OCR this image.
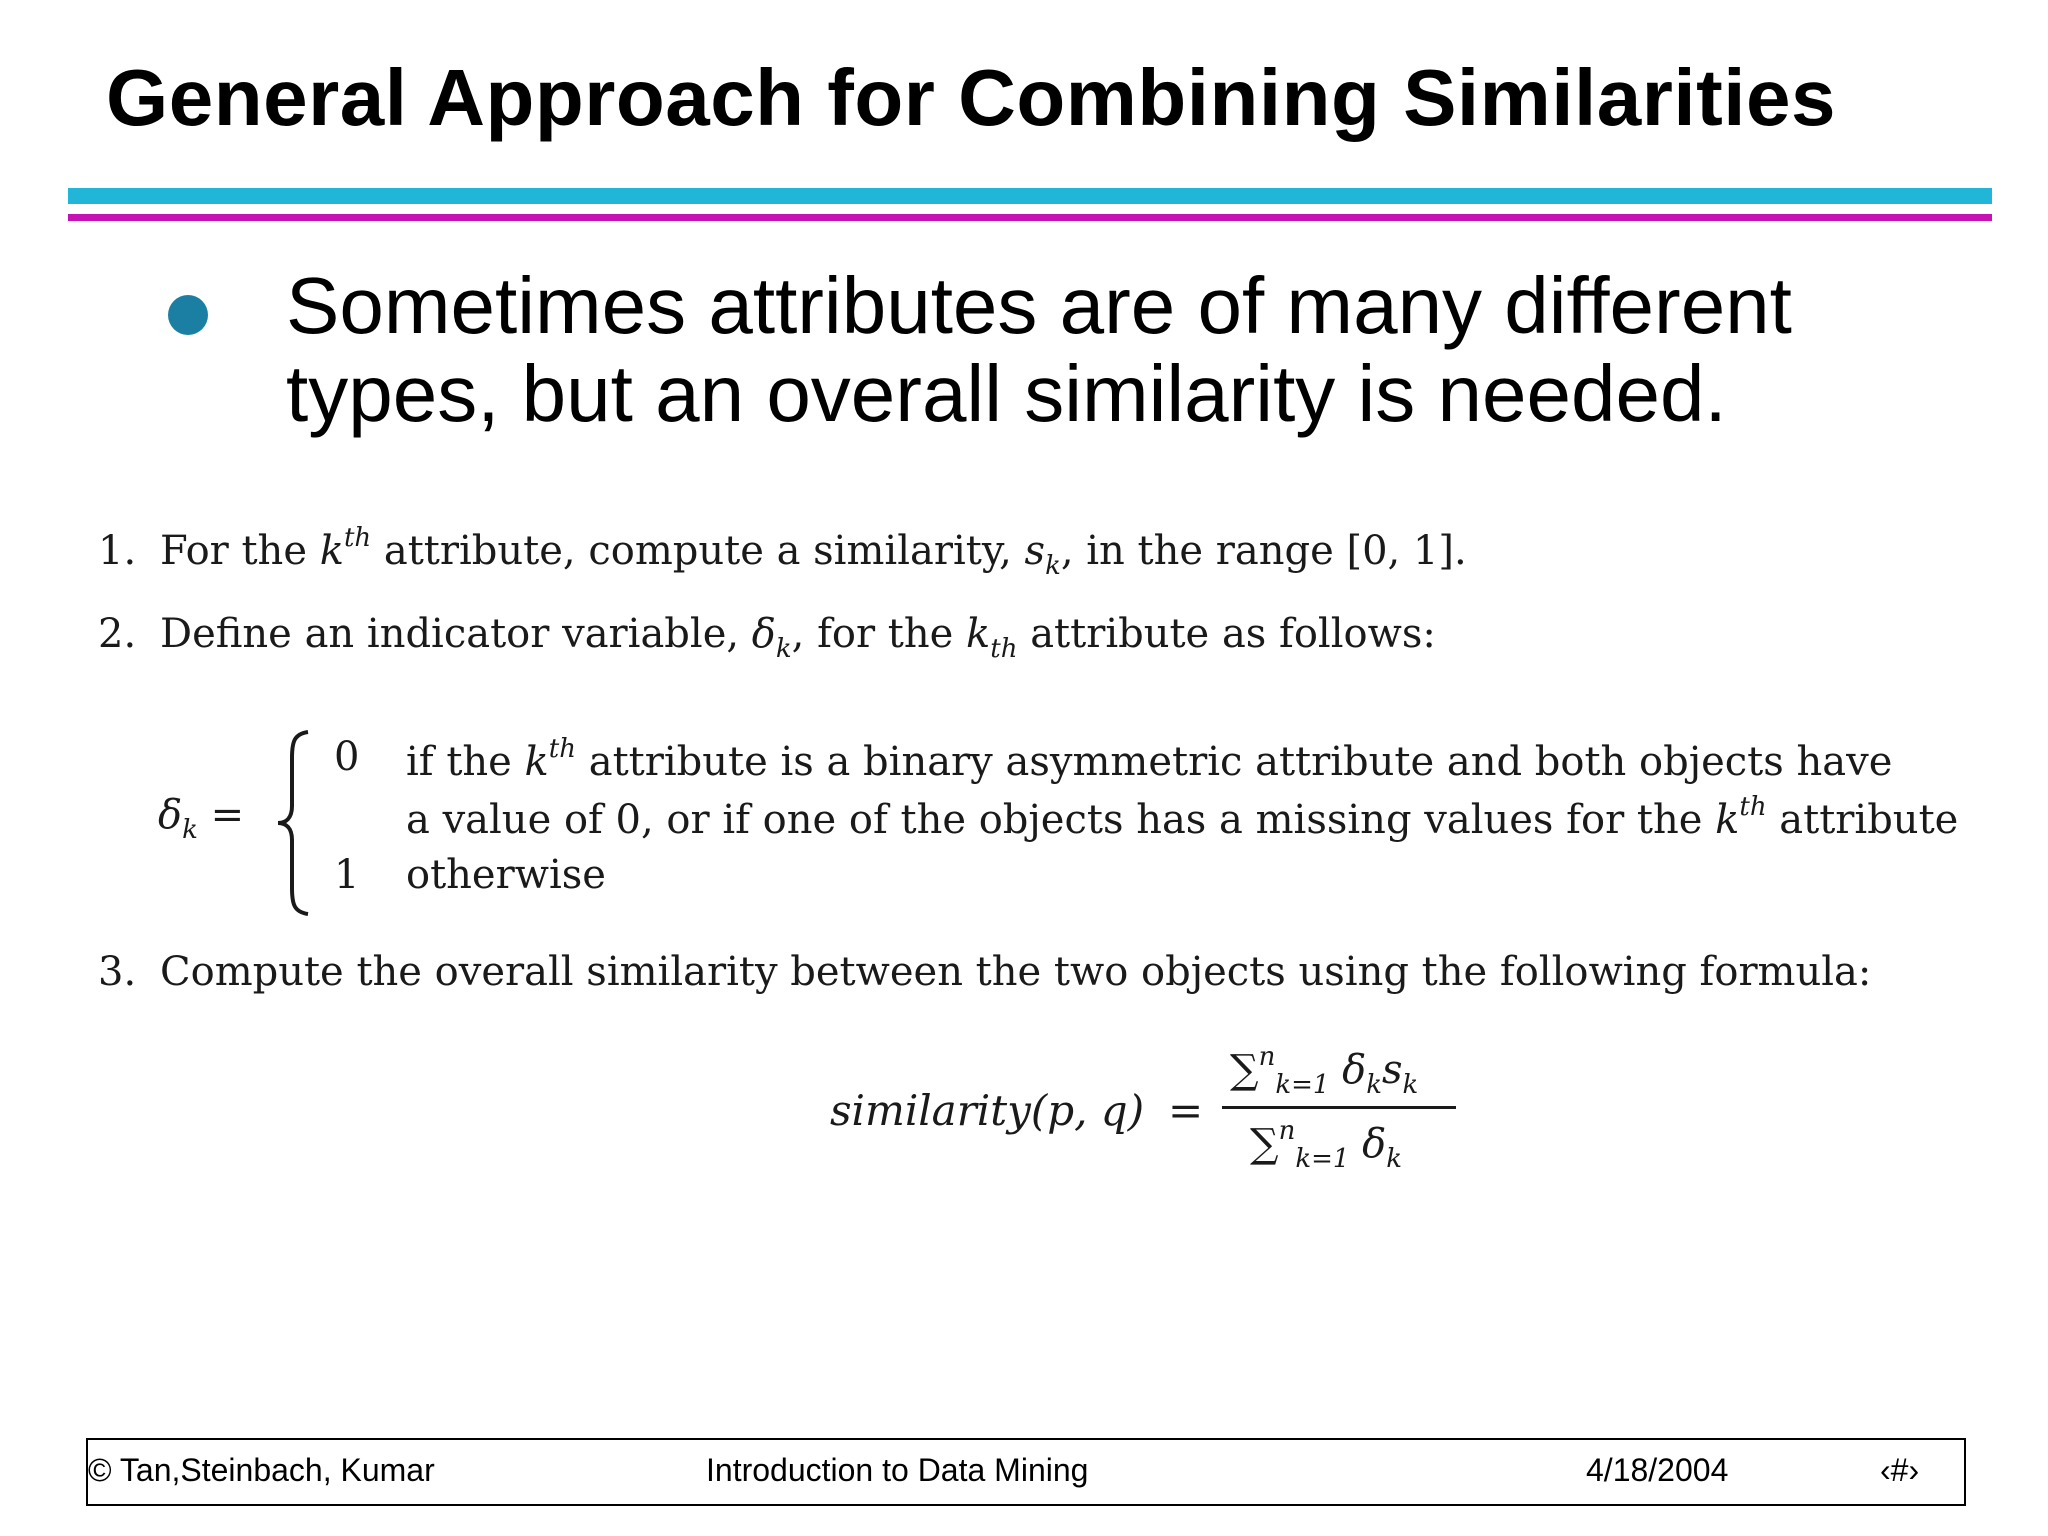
General Approach for Combining Similarities
Sometimes attributes are of many different types, but an overall similarity is needed.
1. For the $k^{th}$ attribute, compute a similarity, $s_k$, in the range [0, 1].
2. Define an indicator variable, $\delta_k$, for the $k_{th}$ attribute as follows:
$\delta_k$ =
0 if the $k^{th}$ attribute is a binary asymmetric attribute and both objects have
a value of 0, or if one of the objects has a missing values for the $k^{th}$ attribute
1 otherwise
3. Compute the overall similarity between the two objects using the following formula:
similarity(p, q) =
∑$^n_{k=1}$ $\delta_ks_k$
∑$^n_{k=1}$ $\delta_k$
© Tan,Steinbach, Kumar	Introduction to Data Mining	4/18/2004	‹#›
